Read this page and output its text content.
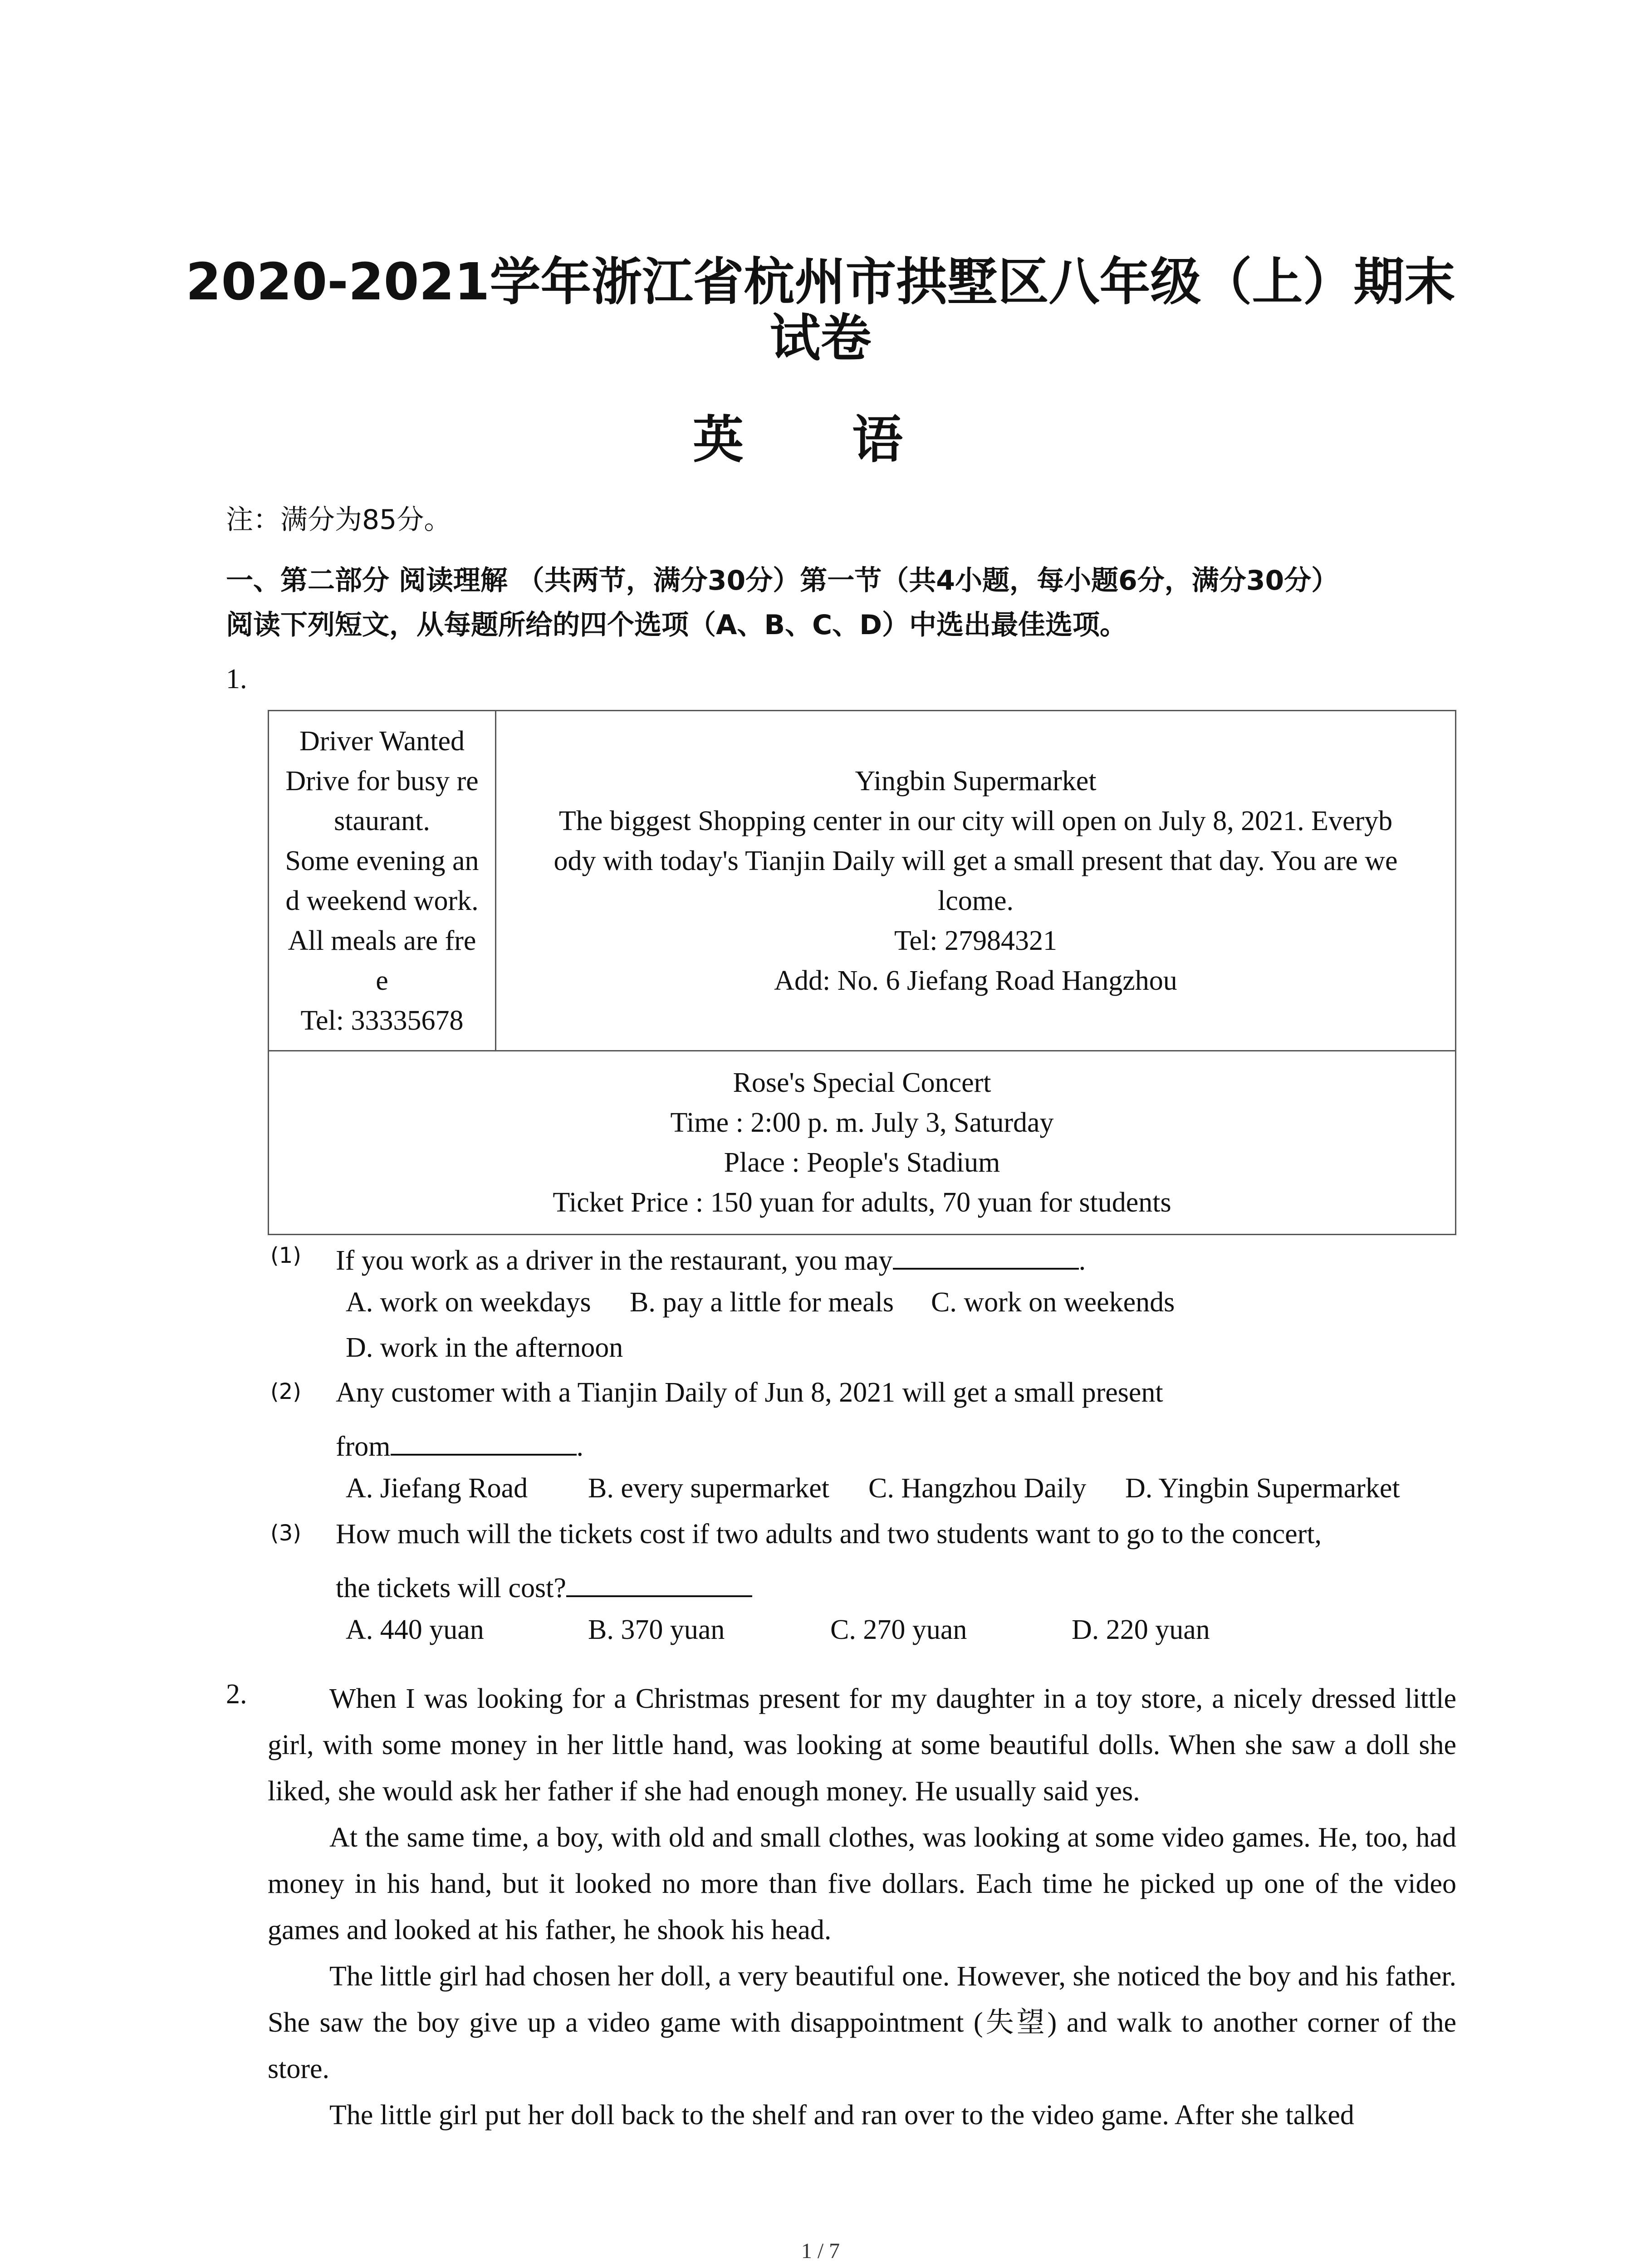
2020-2021学年浙江省杭州市拱墅区八年级（上）期末
试卷
英 语
注：满分为85分。
一、第二部分 阅读理解 （共两节，满分30分）第一节（共4小题，每小题6分，满分30分）
阅读下列短文，从每题所给的四个选项（A、B、C、D）中选出最佳选项。
1.
Driver Wanted
Drive for busy re
staurant.
Some evening an
d weekend work.
All meals are fre
e
Tel: 33335678

Yingbin Supermarket
The biggest Shopping center in our city will open on July 8, 2021. Everyb
ody with today's Tianjin Daily will get a small present that day. You are we
lcome.
Tel: 27984321
Add: No. 6 Jiefang Road Hangzhou

Rose's Special Concert
Time : 2:00 p. m. July 3, Saturday
Place : People's Stadium
Ticket Price : 150 yuan for adults, 70 yuan for students
(1) If you work as a driver in the restaurant, you may	.
A. work on weekdays B. pay a little for meals C. work on weekends
D. work in the afternoon
(2) Any customer with a Tianjin Daily of Jun 8, 2021 will get a small present
from	.
A. Jiefang Road B. every supermarket C. Hangzhou Daily D. Yingbin Supermarket
(3) How much will the tickets cost if two adults and two students want to go to the concert,
the tickets will cost?
A. 440 yuan	B. 370 yuan	C. 270 yuan	D. 220 yuan
2.	When I was looking for a Christmas present for my daughter in a toy store, a nicely dressed little girl, with some money in her little hand, was looking at some beautiful dolls. When she saw a doll she liked, she would ask her father if she had enough money. He usually said yes.
At the same time, a boy, with old and small clothes, was looking at some video games. He, too, had money in his hand, but it looked no more than five dollars. Each time he picked up one of the video games and looked at his father, he shook his head.
The little girl had chosen her doll, a very beautiful one. However, she noticed the boy and his father. She saw the boy give up a video game with disappointment (失望) and walk to another corner of the store.
The little girl put her doll back to the shelf and ran over to the video game. After she talked
1 / 7
